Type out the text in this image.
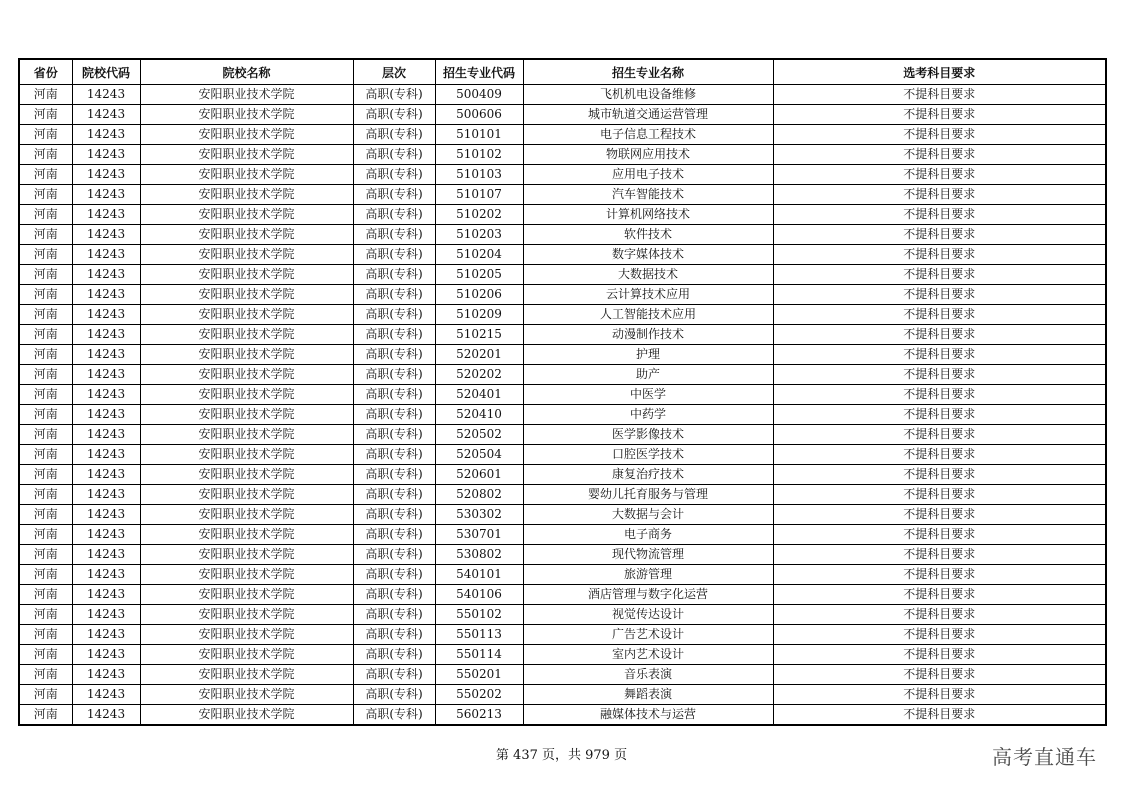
省份	院校代码	院校名称	层次	招生专业代码	招生专业名称	选考科目要求
河南	14243	安阳职业技术学院	高职(专科)	500409	飞机机电设备维修	不提科目要求
河南	14243	安阳职业技术学院	高职(专科)	500606	城市轨道交通运营管理	不提科目要求
河南	14243	安阳职业技术学院	高职(专科)	510101	电子信息工程技术	不提科目要求
河南	14243	安阳职业技术学院	高职(专科)	510102	物联网应用技术	不提科目要求
河南	14243	安阳职业技术学院	高职(专科)	510103	应用电子技术	不提科目要求
河南	14243	安阳职业技术学院	高职(专科)	510107	汽车智能技术	不提科目要求
河南	14243	安阳职业技术学院	高职(专科)	510202	计算机网络技术	不提科目要求
河南	14243	安阳职业技术学院	高职(专科)	510203	软件技术	不提科目要求
河南	14243	安阳职业技术学院	高职(专科)	510204	数字媒体技术	不提科目要求
河南	14243	安阳职业技术学院	高职(专科)	510205	大数据技术	不提科目要求
河南	14243	安阳职业技术学院	高职(专科)	510206	云计算技术应用	不提科目要求
河南	14243	安阳职业技术学院	高职(专科)	510209	人工智能技术应用	不提科目要求
河南	14243	安阳职业技术学院	高职(专科)	510215	动漫制作技术	不提科目要求
河南	14243	安阳职业技术学院	高职(专科)	520201	护理	不提科目要求
河南	14243	安阳职业技术学院	高职(专科)	520202	助产	不提科目要求
河南	14243	安阳职业技术学院	高职(专科)	520401	中医学	不提科目要求
河南	14243	安阳职业技术学院	高职(专科)	520410	中药学	不提科目要求
河南	14243	安阳职业技术学院	高职(专科)	520502	医学影像技术	不提科目要求
河南	14243	安阳职业技术学院	高职(专科)	520504	口腔医学技术	不提科目要求
河南	14243	安阳职业技术学院	高职(专科)	520601	康复治疗技术	不提科目要求
河南	14243	安阳职业技术学院	高职(专科)	520802	婴幼儿托育服务与管理	不提科目要求
河南	14243	安阳职业技术学院	高职(专科)	530302	大数据与会计	不提科目要求
河南	14243	安阳职业技术学院	高职(专科)	530701	电子商务	不提科目要求
河南	14243	安阳职业技术学院	高职(专科)	530802	现代物流管理	不提科目要求
河南	14243	安阳职业技术学院	高职(专科)	540101	旅游管理	不提科目要求
河南	14243	安阳职业技术学院	高职(专科)	540106	酒店管理与数字化运营	不提科目要求
河南	14243	安阳职业技术学院	高职(专科)	550102	视觉传达设计	不提科目要求
河南	14243	安阳职业技术学院	高职(专科)	550113	广告艺术设计	不提科目要求
河南	14243	安阳职业技术学院	高职(专科)	550114	室内艺术设计	不提科目要求
河南	14243	安阳职业技术学院	高职(专科)	550201	音乐表演	不提科目要求
河南	14243	安阳职业技术学院	高职(专科)	550202	舞蹈表演	不提科目要求
河南	14243	安阳职业技术学院	高职(专科)	560213	融媒体技术与运营	不提科目要求
第 437 页，共 979 页	高考直通车
